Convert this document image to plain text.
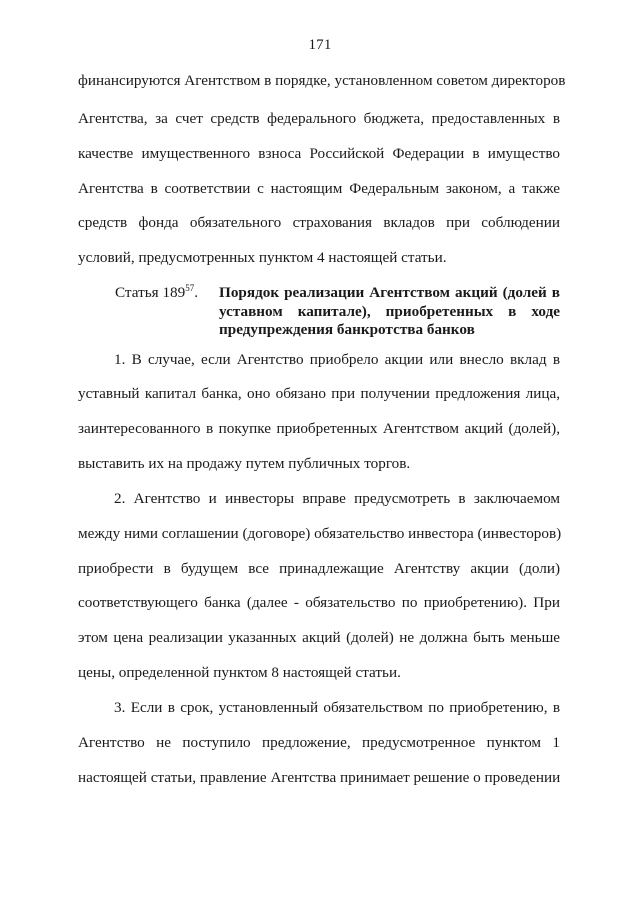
171
финансируются Агентством в порядке, установленном советом директоров
Агентства, за счет средств федерального бюджета, предоставленных в
качестве имущественного взноса Российской Федерации в имущество
Агентства в соответствии с настоящим Федеральным законом, а также
средств фонда обязательного страхования вкладов при соблюдении
условий, предусмотренных пунктом 4 настоящей статьи.
Статья $189^{57}$. Порядок реализации Агентством акций (долей в
уставном капитале), приобретенных в ходе
предупреждения банкротства банков
1. В случае, если Агентство приобрело акции или внесло вклад в
уставный капитал банка, оно обязано при получении предложения лица,
заинтересованного в покупке приобретенных Агентством акций (долей),
выставить их на продажу путем публичных торгов.
2. Агентство и инвесторы вправе предусмотреть в заключаемом
между ними соглашении (договоре) обязательство инвестора (инвесторов)
приобрести в будущем все принадлежащие Агентству акции (доли)
соответствующего банка (далее - обязательство по приобретению). При
этом цена реализации указанных акций (долей) не должна быть меньше
цены, определенной пунктом 8 настоящей статьи.
3. Если в срок, установленный обязательством по приобретению, в
Агентство не поступило предложение, предусмотренное пунктом 1
настоящей статьи, правление Агентства принимает решение о проведении
